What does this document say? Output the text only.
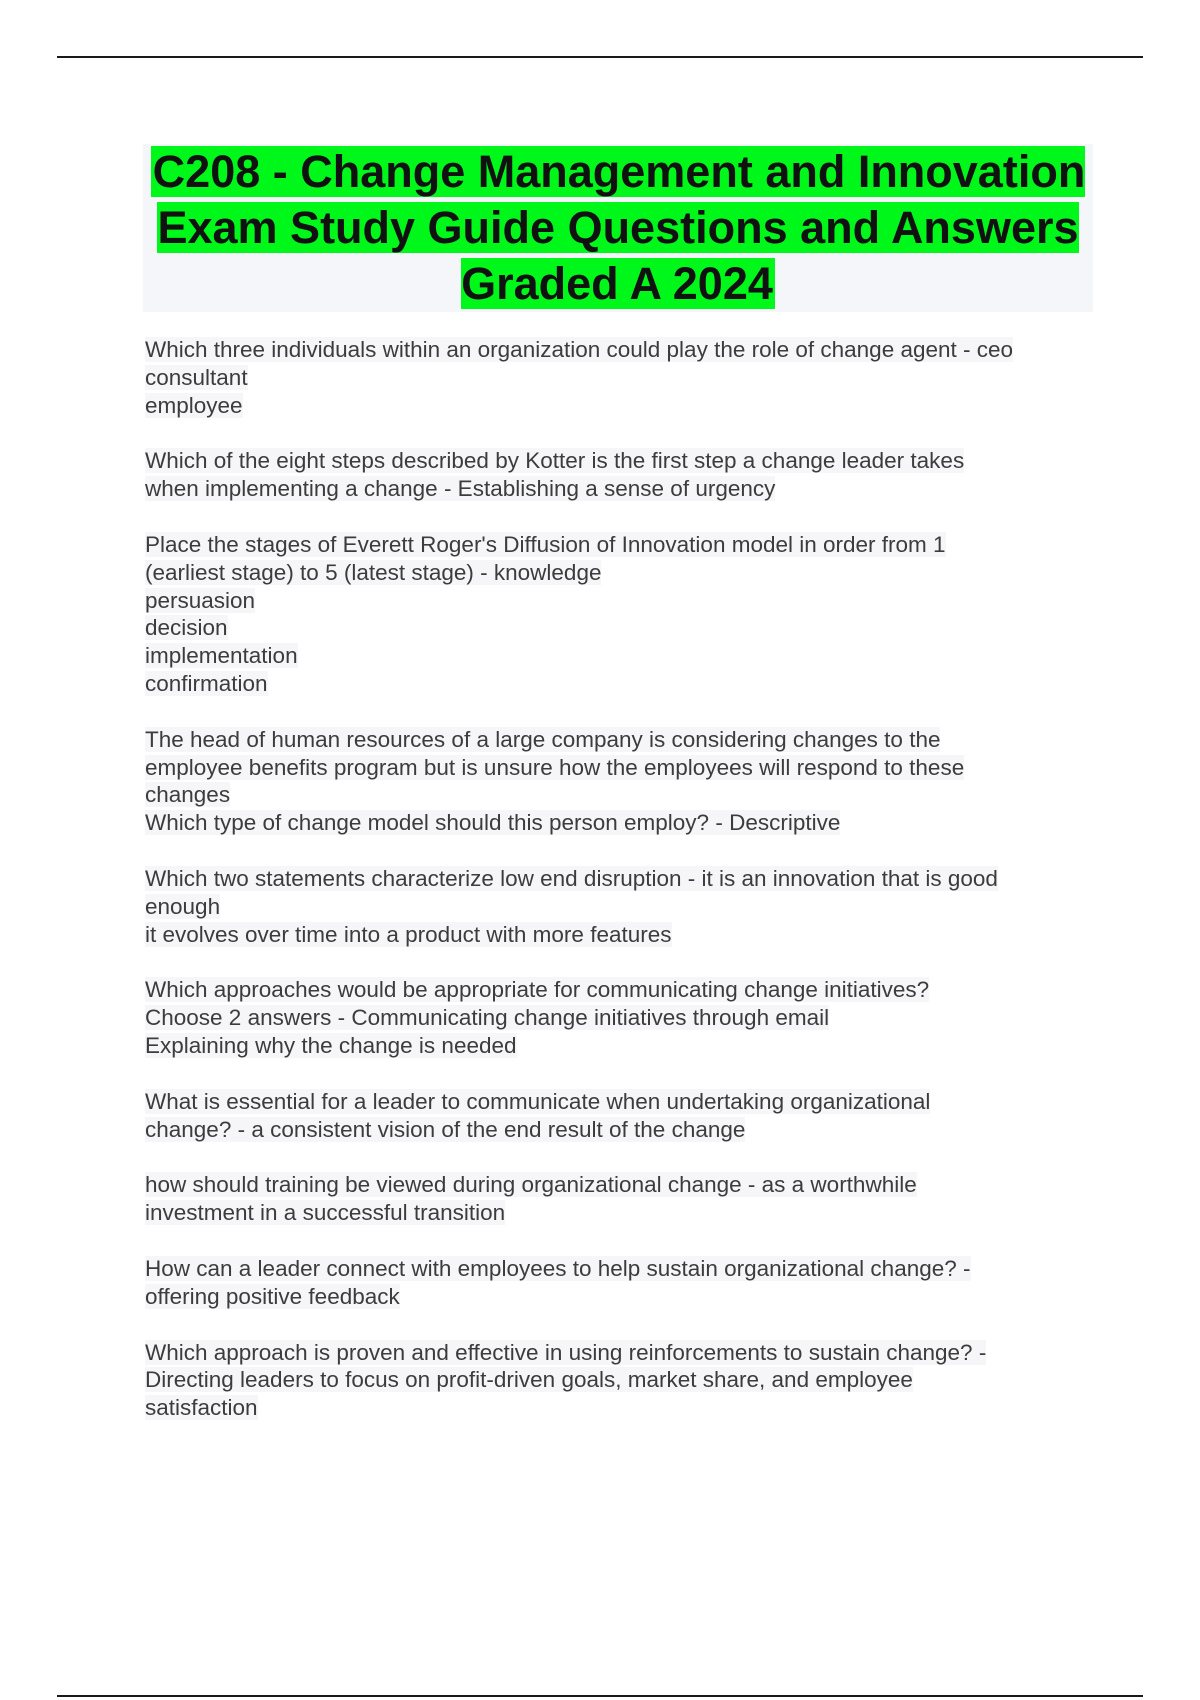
C208 - Change Management and Innovation Exam Study Guide Questions and Answers Graded A 2024
Which three individuals within an organization could play the role of change agent - ceo
consultant
employee
Which of the eight steps described by Kotter is the first step a change leader takes
when implementing a change - Establishing a sense of urgency
Place the stages of Everett Roger's Diffusion of Innovation model in order from 1
(earliest stage) to 5 (latest stage) - knowledge
persuasion
decision
implementation
confirmation
The head of human resources of a large company is considering changes to the
employee benefits program but is unsure how the employees will respond to these
changes
Which type of change model should this person employ? - Descriptive
Which two statements characterize low end disruption - it is an innovation that is good
enough
it evolves over time into a product with more features
Which approaches would be appropriate for communicating change initiatives?
Choose 2 answers - Communicating change initiatives through email
Explaining why the change is needed
What is essential for a leader to communicate when undertaking organizational
change? - a consistent vision of the end result of the change
how should training be viewed during organizational change - as a worthwhile
investment in a successful transition
How can a leader connect with employees to help sustain organizational change? -
offering positive feedback
Which approach is proven and effective in using reinforcements to sustain change? -
Directing leaders to focus on profit-driven goals, market share, and employee
satisfaction
